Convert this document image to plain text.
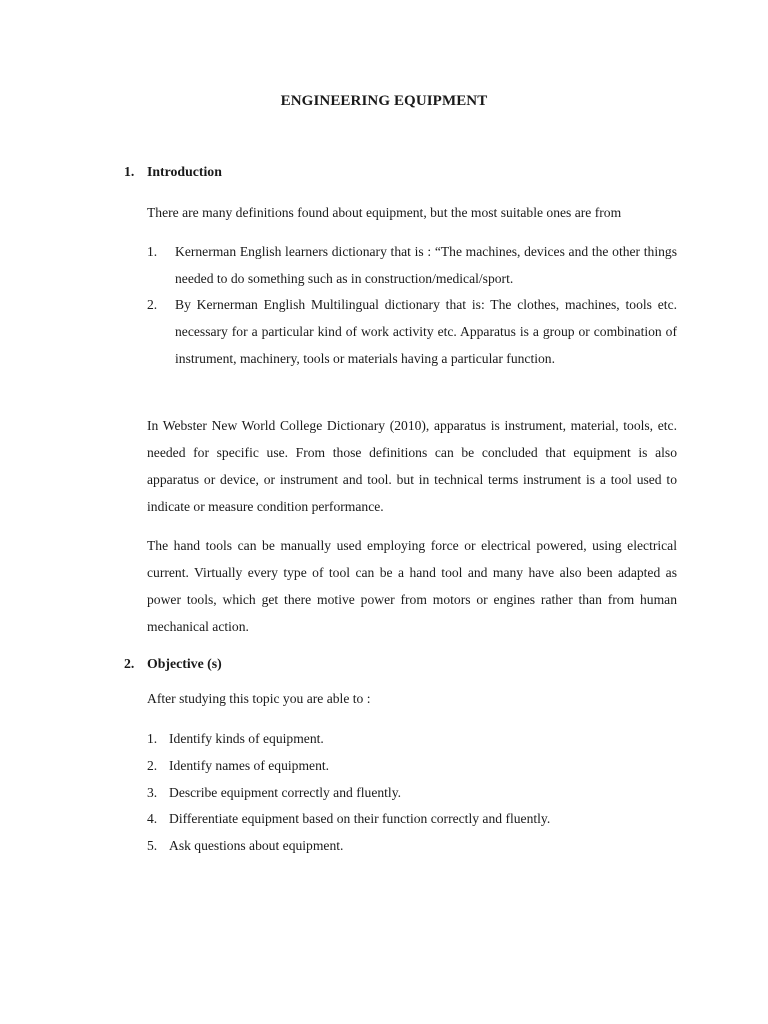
ENGINEERING EQUIPMENT
1. Introduction
There are many definitions found about equipment, but the most suitable ones are from
1. Kernerman English learners dictionary that is : “The machines, devices and the other things needed to do something such as in construction/medical/sport.
2. By Kernerman English Multilingual dictionary that is: The clothes, machines, tools etc. necessary for a particular kind of work activity etc. Apparatus is a group or combination of instrument, machinery, tools or materials having a particular function.
In Webster New World College Dictionary (2010), apparatus is instrument, material, tools, etc. needed for specific use. From those definitions can be concluded that equipment is also apparatus or device, or instrument and tool. but in technical terms instrument is a tool used to indicate or measure condition performance.
The hand tools can be manually used employing force or electrical powered, using electrical current. Virtually every type of tool can be a hand tool and many have also been adapted as power tools, which get there motive power from motors or engines rather than from human mechanical action.
2. Objective (s)
After studying this topic you are able to :
1. Identify kinds of equipment.
2. Identify names of equipment.
3. Describe equipment correctly and fluently.
4. Differentiate equipment based on their function correctly and fluently.
5. Ask questions about equipment.
